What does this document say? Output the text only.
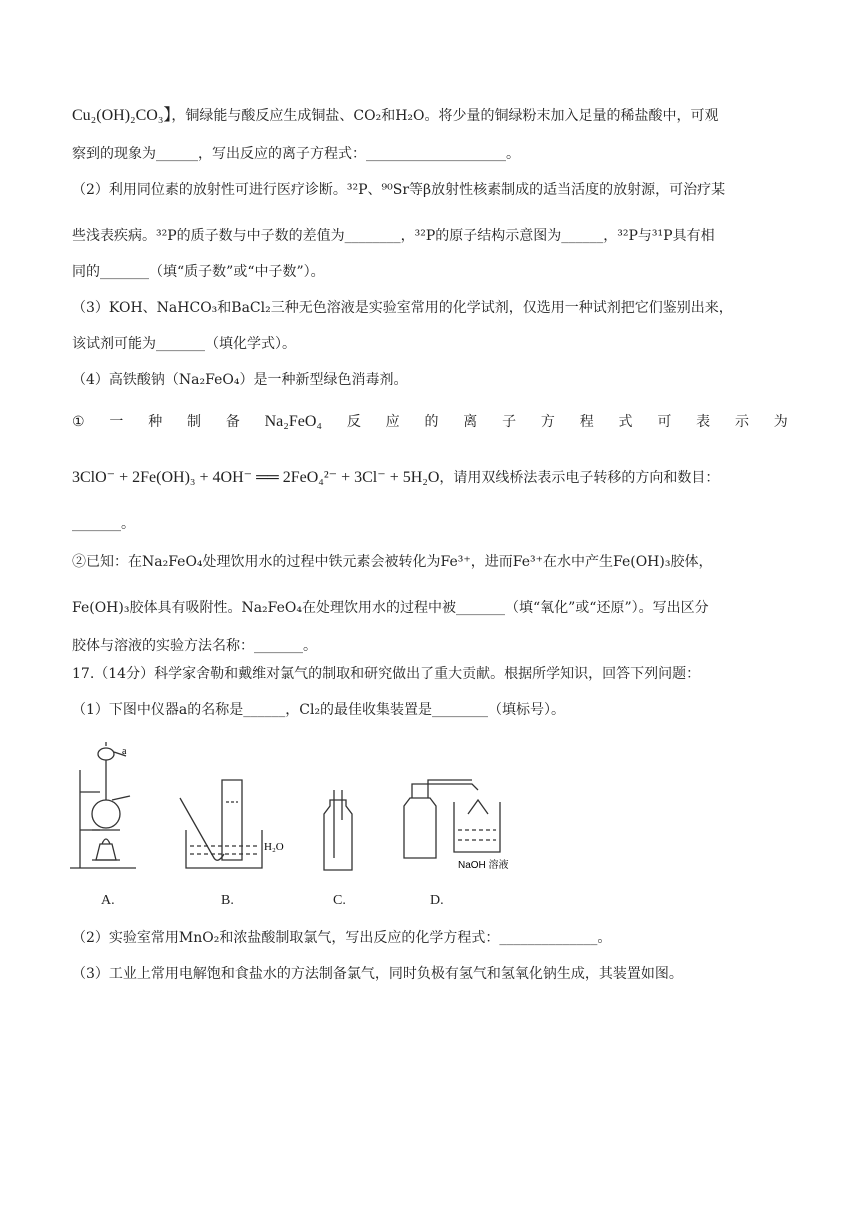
Cu₂(OH)₂CO₃】，铜绿能与酸反应生成铜盐、CO₂和H₂O。将少量的铜绿粉末加入足量的稀盐酸中，可观
察到的现象为______，写出反应的离子方程式：____________________。
（2）利用同位素的放射性可进行医疗诊断。³²P、⁹⁰Sr等β放射性核素制成的适当活度的放射源，可治疗某
些浅表疾病。³²P的质子数与中子数的差值为________，³²P的原子结构示意图为______，³²P与³¹P具有相
同的_______（填“质子数”或“中子数”）。
（3）KOH、NaHCO₃和BaCl₂三种无色溶液是实验室常用的化学试剂，仅选用一种试剂把它们鉴别出来，
该试剂可能为_______（填化学式）。
（4）高铁酸钠（Na₂FeO₄）是一种新型绿色消毒剂。
① 一 种 制 备 Na₂FeO₄ 反 应 的 离 子 方 程 式 可 表 示 为
3ClO⁻ + 2Fe(OH)₃ + 4OH⁻ ══ 2FeO₄²⁻ + 3Cl⁻ + 5H₂O，请用双线桥法表示电子转移的方向和数目：
_______。
②已知：在Na₂FeO₄处理饮用水的过程中铁元素会被转化为Fe³⁺，进而Fe³⁺在水中产生Fe(OH)₃胶体，
Fe(OH)₃胶体具有吸附性。Na₂FeO₄在处理饮用水的过程中被_______（填“氧化”或“还原”）。写出区分
胶体与溶液的实验方法名称：_______。
17.（14分）科学家舍勒和戴维对氯气的制取和研究做出了重大贡献。根据所学知识，回答下列问题：
（1）下图中仪器a的名称是______，Cl₂的最佳收集装置是________（填标号）。
a
H₂O
NaOH 溶液
A.	B.	C.	D.
（2）实验室常用MnO₂和浓盐酸制取氯气，写出反应的化学方程式：______________。
（3）工业上常用电解饱和食盐水的方法制备氯气，同时负极有氢气和氢氧化钠生成，其装置如图。
